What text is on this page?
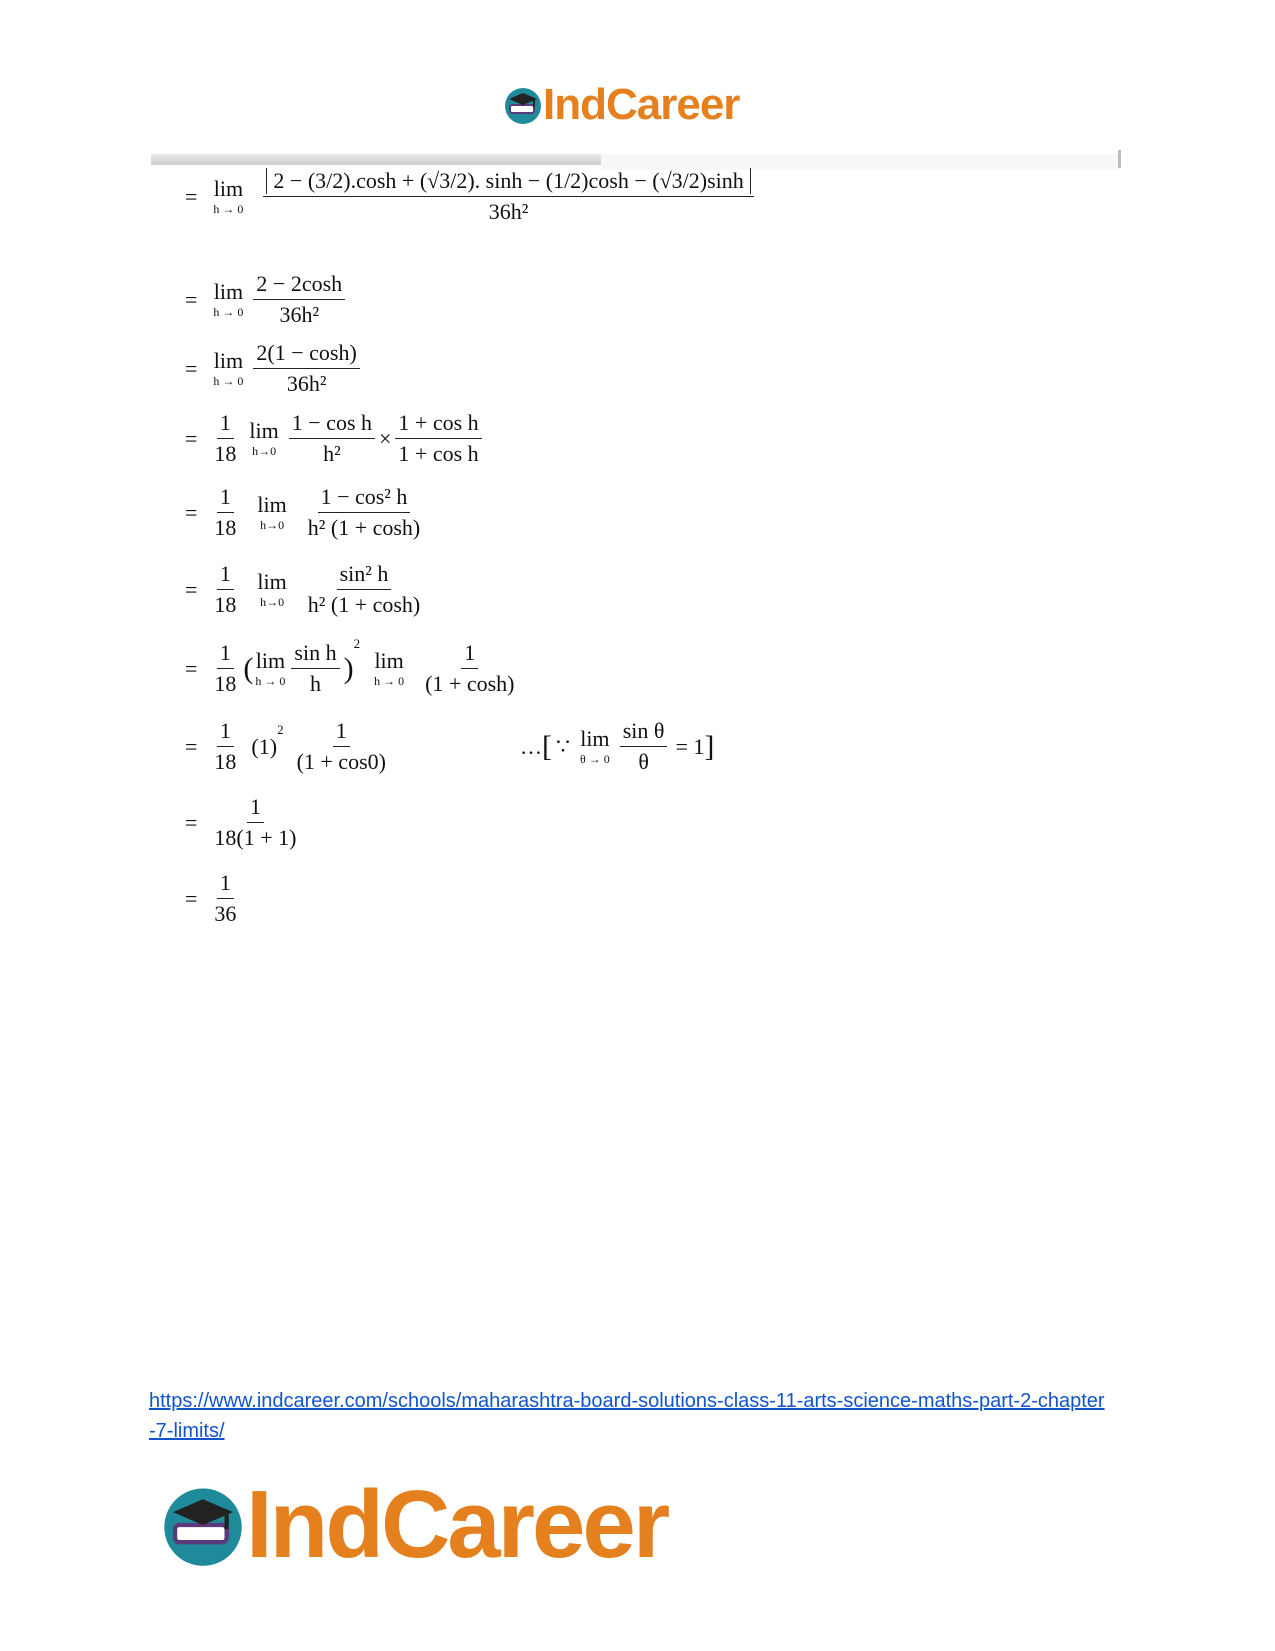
IndCareer
= lim
$h \to 0 \frac{2 - (3/2).\cosh + (√3/2). \sinh - (1/2)\cosh - (√3/2)\sinh}{\text{36h²}}$
= lim
$h \to 0 \frac{2 - 2\cosh}{\text{36h²}}$
= lim
$h \to 0 \frac{2(1 - \cosh)}{\text{36h²}}$
= $\frac{1}{18}$ lim
$h\to 0 \frac{\text{1 − cos h}}{\text{h²}} \times \frac{\text{1 + cos h}}{\text{1 + cos h}}$
= $\frac{1}{18}$ lim
$h\to 0 \frac{\text{1 − cos² h}}{\text{h² (1 + cosh)}}$
= $\frac{1}{18}$ lim
$h\to 0 \frac{\text{sin² h}}{\text{h² (1 + cosh)}}$
= $\frac{1}{18}$ ( lim
$h \to 0 \frac{\text{sin h}}{h}$ )
$^2$
lim
$h \to 0 \frac{1}{(1 + \cosh)}$
= $\frac{1}{18} (1)$
$^2 \frac{1}{(1 + \cos 0)}$	… [ ∵ lim
$\theta \to 0 \frac{\text{sin θ}}{\theta} = 1$ ]
= $\frac{1}{18(1 + 1)}$
= $\frac{1}{36}$
https://www.indcareer.com/schools/maharashtra-board-solutions-class-11-arts-science-maths-part-2-chapter-7-limits/
IndCareer
